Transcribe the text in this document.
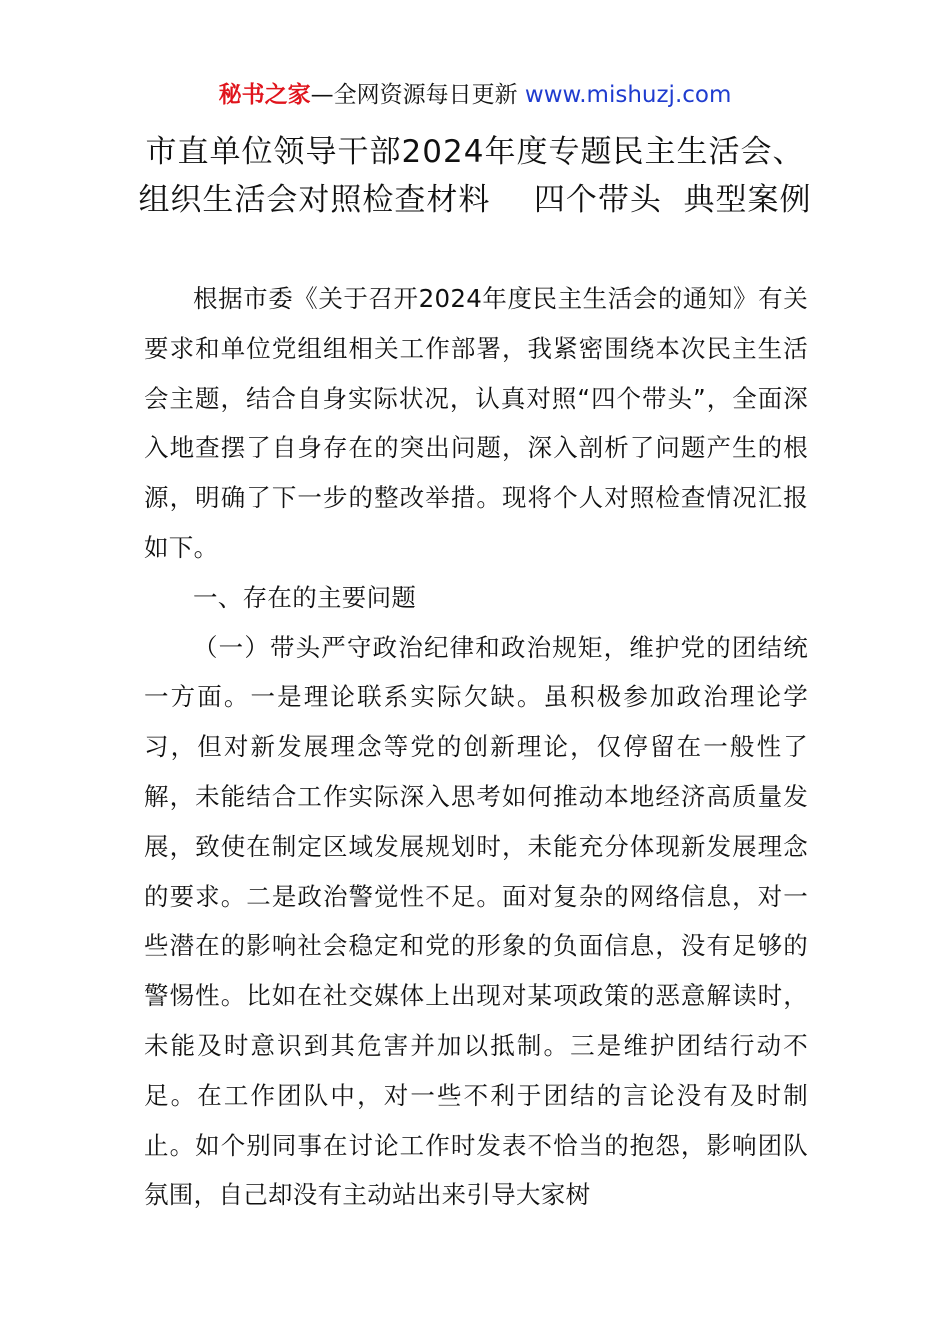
秘书之家—全网资源每日更新 www.mishuzj.com
市直单位领导干部2024年度专题民主生活会、
组织生活会对照检查材料    四个带头  典型案例

根据市委《关于召开2024年度民主生活会的通知》有关要求和单位党组组相关工作部署，我紧密围绕本次民主生活会主题，结合自身实际状况，认真对照“四个带头”，全面深入地查摆了自身存在的突出问题，深入剖析了问题产生的根源，明确了下一步的整改举措。现将个人对照检查情况汇报如下。

一、存在的主要问题

（一）带头严守政治纪律和政治规矩，维护党的团结统一方面。一是理论联系实际欠缺。虽积极参加政治理论学习，但对新发展理念等党的创新理论，仅停留在一般性了解，未能结合工作实际深入思考如何推动本地经济高质量发展，致使在制定区域发展规划时，未能充分体现新发展理念的要求。二是政治警觉性不足。面对复杂的网络信息，对一些潜在的影响社会稳定和党的形象的负面信息，没有足够的警惕性。比如在社交媒体上出现对某项政策的恶意解读时，未能及时意识到其危害并加以抵制。三是维护团结行动不足。在工作团队中，对一些不利于团结的言论没有及时制止。如个别同事在讨论工作时发表不恰当的抱怨，影响团队氛围，自己却没有主动站出来引导大家树
